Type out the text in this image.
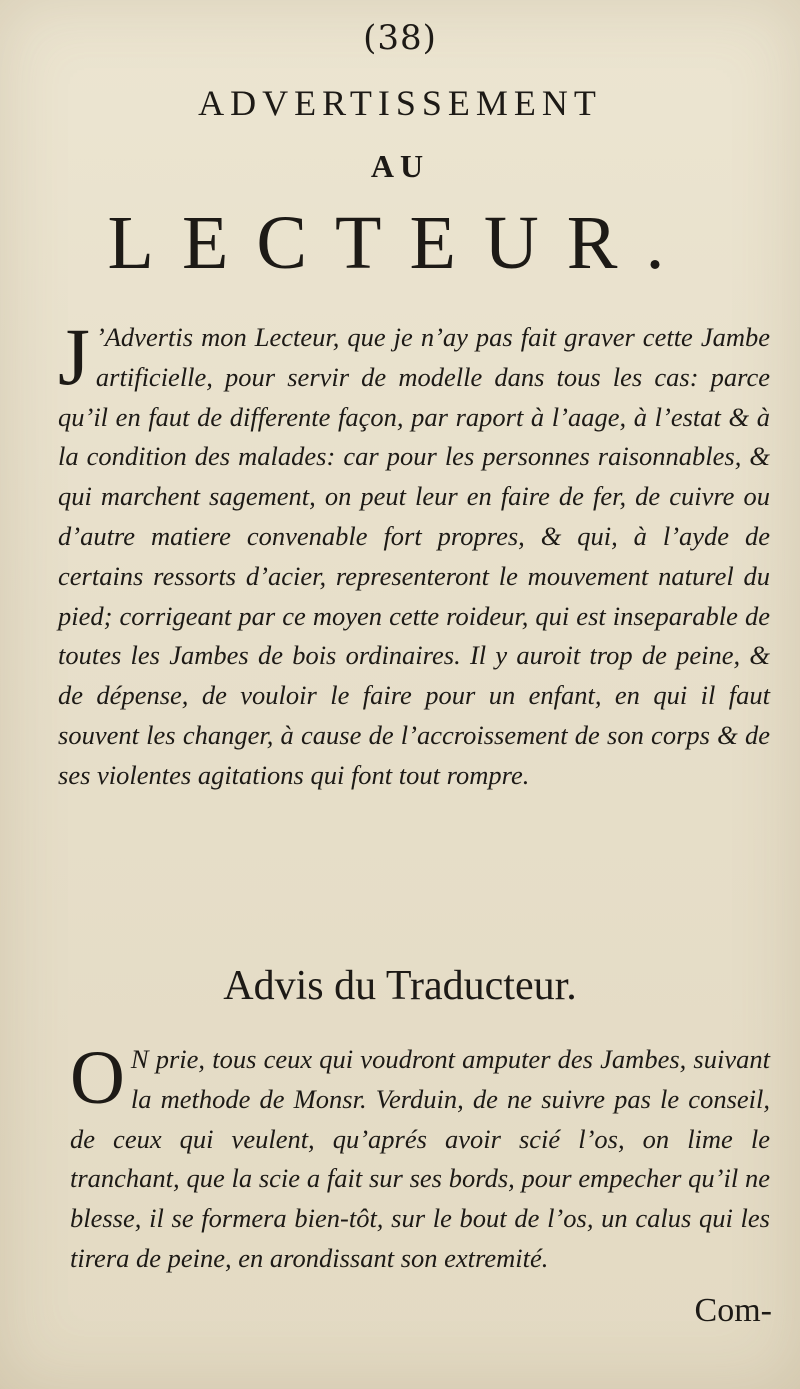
(38)
ADVERTISSEMENT
AU
LECTEUR.
J ’Advertis mon Lecteur, que je n’ay pas fait graver cette Jambe artificielle, pour servir de modelle dans tous les cas: parce qu’il en faut de differente façon, par raport à l’aage, à l’estat & à la condition des malades: car pour les personnes raisonnables, & qui marchent sagement, on peut leur en faire de fer, de cuivre ou d’autre matiere convenable fort propres, & qui, à l’ayde de certains ressorts d’acier, representeront le mouvement naturel du pied; corrigeant par ce moyen cette roideur, qui est inseparable de toutes les Jambes de bois ordinaires. Il y auroit trop de peine, & de dépense, de vouloir le faire pour un enfant, en qui il faut souvent les changer, à cause de l’accroissement de son corps & de ses violentes agitations qui font tout rompre.
Advis du Traducteur.
O N prie, tous ceux qui voudront amputer des Jambes, suivant la methode de Monsr. Verduin, de ne suivre pas le conseil, de ceux qui veulent, qu’aprés avoir scié l’os, on lime le tranchant, que la scie a fait sur ses bords, pour empecher qu’il ne blesse, il se formera bien-tôt, sur le bout de l’os, un calus qui les tirera de peine, en arondissant son extremité.
Com-
